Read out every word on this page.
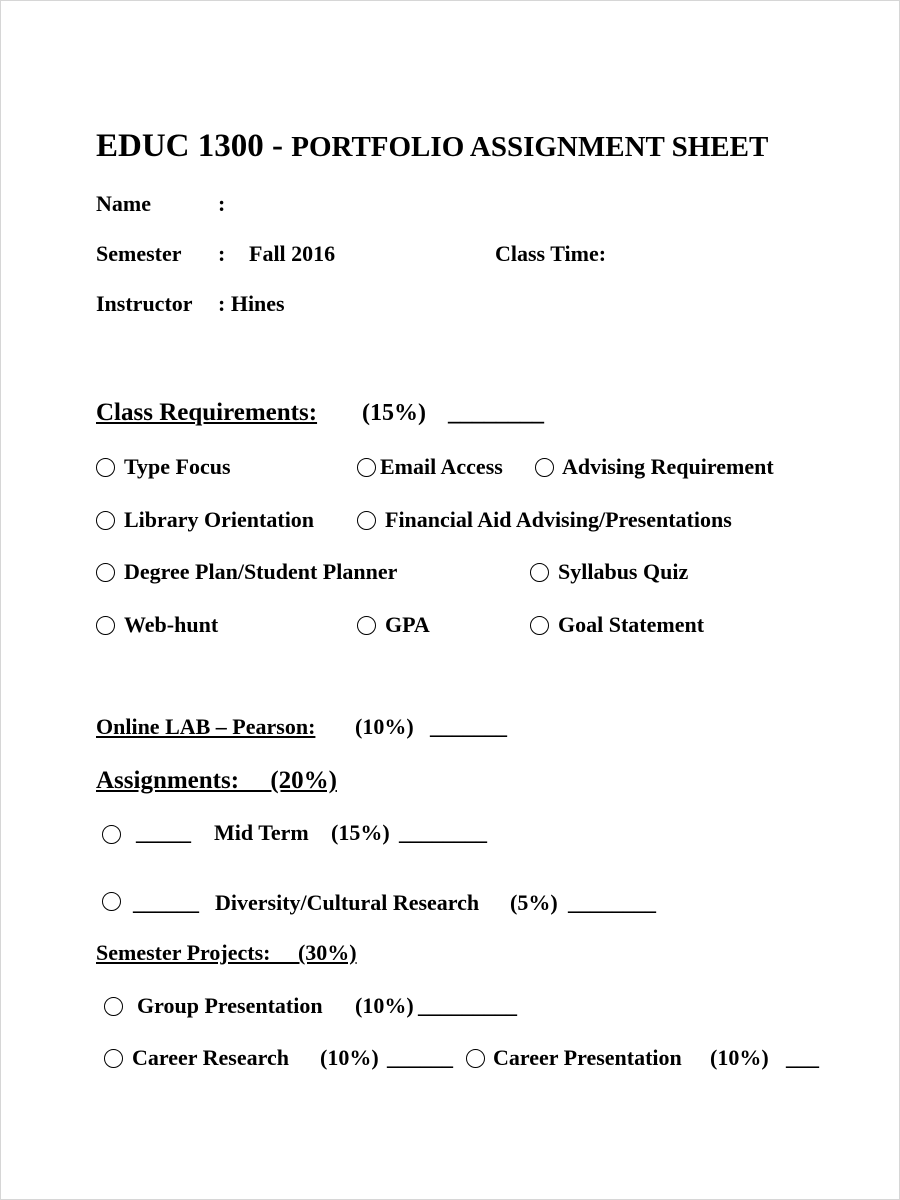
EDUC 1300 - PORTFOLIO ASSIGNMENT SHEET
Name	:
Semester : Fall 2016	Class Time:
Instructor : Hines
Class Requirements: (15%) ________
Type Focus	Email Access	Advising Requirement
Library Orientation	Financial Aid Advising/Presentations
Degree Plan/Student Planner	Syllabus Quiz
Web-hunt	GPA	Goal Statement
Online LAB – Pearson: (10%) _______
Assignments:     (20%)
_____ Mid Term (15%) ________
______ Diversity/Cultural Research (5%) ________
Semester Projects:     (30%)
Group Presentation (10%) _________
Career Research (10%) ______ Career Presentation (10%) ___
